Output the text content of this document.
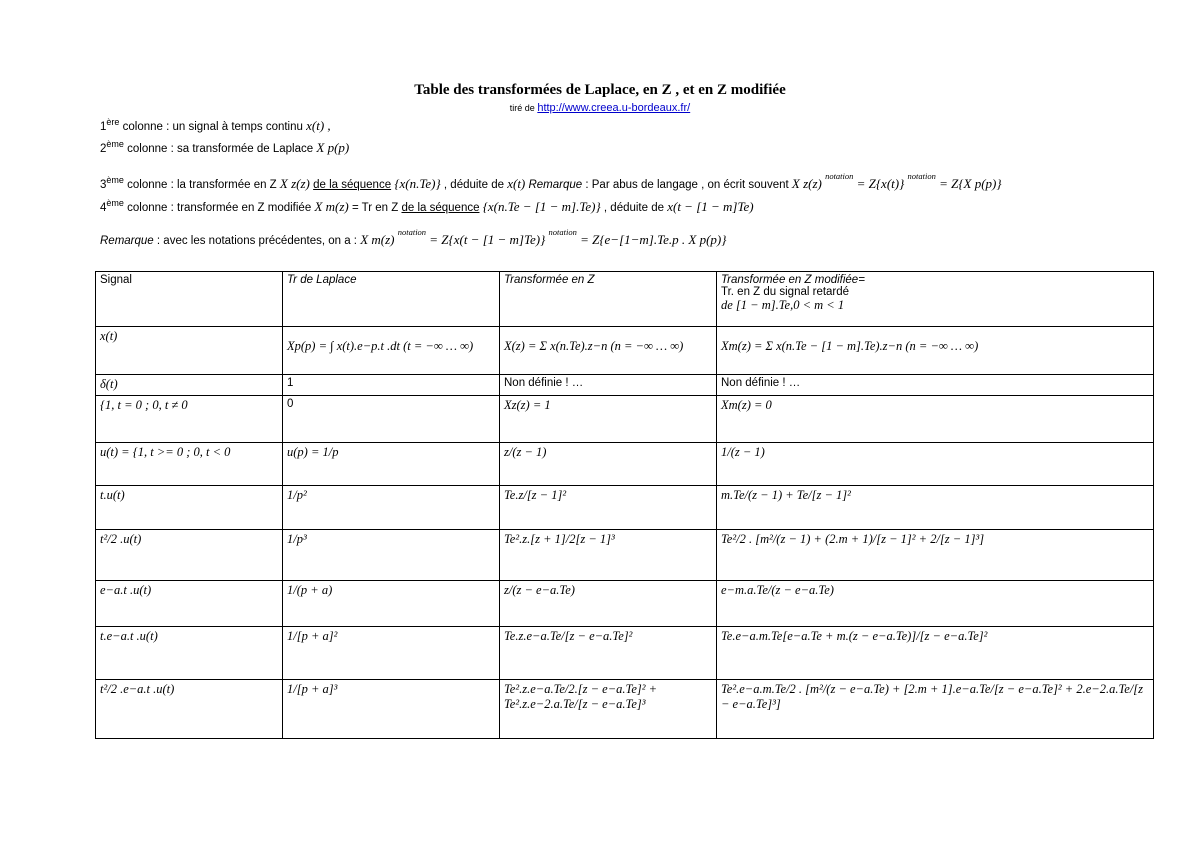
Table des transformées de Laplace, en Z , et en Z modifiée
tiré de http://www.creea.u-bordeaux.fr/
1ère colonne : un signal à temps continu x(t) ,
2ème colonne : sa transformée de Laplace X p(p)
3ème colonne : la transformée en Z X z(z) de la séquence {x(n.Te)} , déduite de x(t) Remarque : Par abus de langage , on écrit souvent X z(z) notation = Z{x(t)} notation = Z{X p(p)}
4ème colonne : transformée en Z modifiée X m(z) = Tr en Z de la séquence {x(n.Te − [1 − m].Te)} , déduite de x(t − [1 − m]Te)
Remarque : avec les notations précédentes, on a : X m(z) notation = Z{x(t − [1 − m]Te)} notation = Z{e−[1−m].Te.p . X p(p)}
Signal	Tr de Laplace	Transformée en Z	Transformée en Z modifiée=
Tr. en Z du signal retardé
de [1 − m].Te,0 < m < 1

x(t)	Xp(p) = ∫ x(t).e−p.t .dt (t = −∞ … ∞)	X(z) = Σ x(n.Te).z−n (n = −∞ … ∞)	Xm(z) = Σ x(n.Te − [1 − m].Te).z−n (n = −∞ … ∞)

δ(t)	1	Non définie ! …	Non définie ! …
{1, t = 0 ; 0, t ≠ 0	0	Xz(z) = 1	Xm(z) = 0
u(t) = {1, t >= 0 ; 0, t < 0	u(p) = 1/p	z/(z − 1)	1/(z − 1)
t.u(t)	1/p²	Te.z/[z − 1]²	m.Te/(z − 1) + Te/[z − 1]²
t²/2 .u(t)	1/p³	Te².z.[z + 1]/2[z − 1]³	Te²/2 . [m²/(z − 1) + (2.m + 1)/[z − 1]² + 2/[z − 1]³]
e−a.t .u(t)	1/(p + a)	z/(z − e−a.Te)	e−m.a.Te/(z − e−a.Te)
t.e−a.t .u(t)	1/[p + a]²	Te.z.e−a.Te/[z − e−a.Te]²	Te.e−a.m.Te[e−a.Te + m.(z − e−a.Te)]/[z − e−a.Te]²
t²/2 .e−a.t .u(t)	1/[p + a]³	Te².z.e−a.Te/2.[z − e−a.Te]² + Te².z.e−2.a.Te/[z − e−a.Te]³	Te².e−a.m.Te/2 . [m²/(z − e−a.Te) + [2.m + 1].e−a.Te/[z − e−a.Te]² + 2.e−2.a.Te/[z − e−a.Te]³]
